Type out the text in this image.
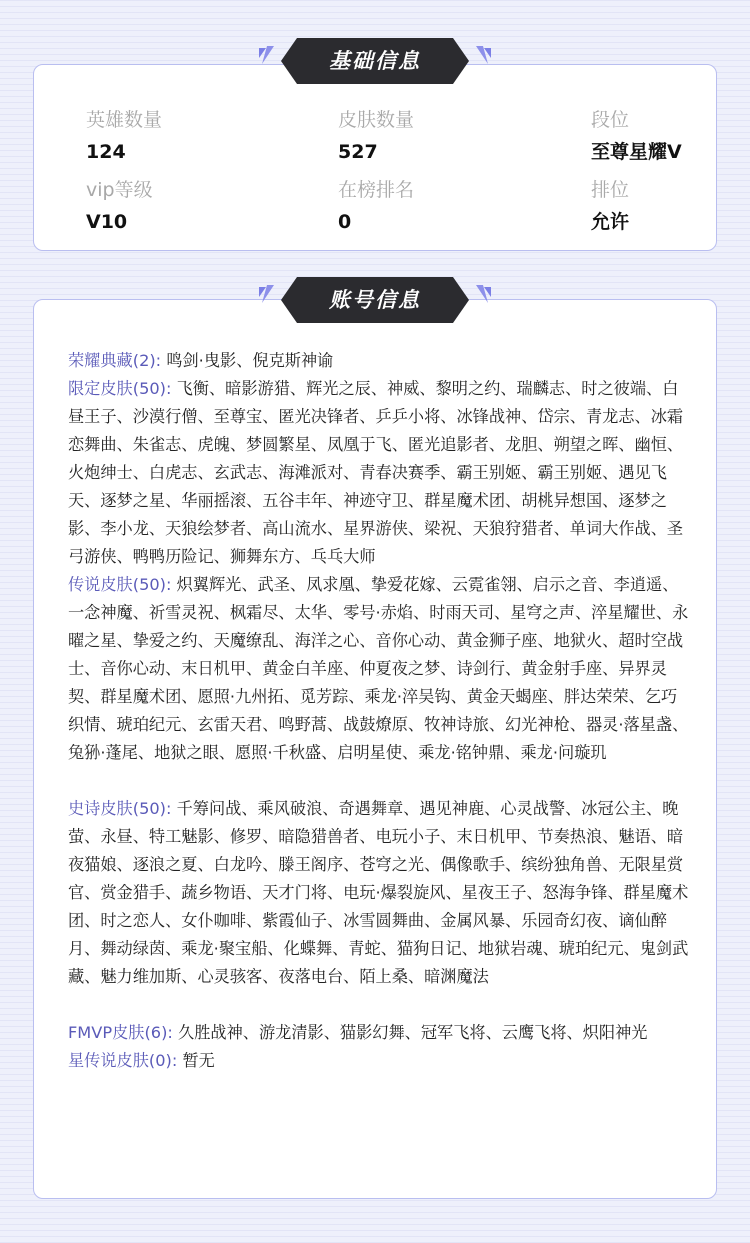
英雄数量
124
皮肤数量
527
段位
至尊星耀V
vip等级
V10
在榜排名
0
排位
允许
基础信息

荣耀典藏(2): 鸣剑·曳影、倪克斯神谕

限定皮肤(50): 飞衡、暗影游猎、辉光之辰、神威、黎明之约、瑞麟志、时之彼端、白昼王子、沙漠行僧、至尊宝、匿光决锋者、乒乒小将、冰锋战神、岱宗、青龙志、冰霜恋舞曲、朱雀志、虎魄、梦圆繁星、凤凰于飞、匿光追影者、龙胆、朔望之晖、幽恒、火炮绅士、白虎志、玄武志、海滩派对、青春决赛季、霸王别姬、霸王别姬、遇见飞天、逐梦之星、华丽摇滚、五谷丰年、神迹守卫、群星魔术团、胡桃异想国、逐梦之影、李小龙、天狼绘梦者、高山流水、星界游侠、梁祝、天狼狩猎者、单词大作战、圣弓游侠、鸭鸭历险记、狮舞东方、乓乓大师

传说皮肤(50): 炽翼辉光、武圣、凤求凰、挚爱花嫁、云霓雀翎、启示之音、李逍遥、一念神魔、祈雪灵祝、枫霜尽、太华、零号·赤焰、时雨天司、星穹之声、淬星耀世、永曜之星、挚爱之约、天魔缭乱、海洋之心、音你心动、黄金狮子座、地狱火、超时空战士、音你心动、末日机甲、黄金白羊座、仲夏夜之梦、诗剑行、黄金射手座、异界灵契、群星魔术团、愿照·九州拓、觅芳踪、乘龙·淬吴钩、黄金天蝎座、胖达荣荣、乞巧织情、琥珀纪元、玄雷天君、鸣野蒿、战鼓燎原、牧神诗旅、幻光神枪、器灵·落星盏、兔狲·蓬尾、地狱之眼、愿照·千秋盛、启明星使、乘龙·铭钟鼎、乘龙·问璇玑

史诗皮肤(50): 千筹问战、乘风破浪、奇遇舞章、遇见神鹿、心灵战警、冰冠公主、晚萤、永昼、特工魅影、修罗、暗隐猎兽者、电玩小子、末日机甲、节奏热浪、魅语、暗夜猫娘、逐浪之夏、白龙吟、滕王阁序、苍穹之光、偶像歌手、缤纷独角兽、无限星赏官、赏金猎手、蔬乡物语、天才门将、电玩·爆裂旋风、星夜王子、怒海争锋、群星魔术团、时之恋人、女仆咖啡、紫霞仙子、冰雪圆舞曲、金属风暴、乐园奇幻夜、谪仙醉月、舞动绿茵、乘龙·聚宝船、化蝶舞、青蛇、猫狗日记、地狱岩魂、琥珀纪元、鬼剑武藏、魅力维加斯、心灵骇客、夜落电台、陌上桑、暗渊魔法

FMVP皮肤(6): 久胜战神、游龙清影、猫影幻舞、冠军飞将、云鹰飞将、炽阳神光

星传说皮肤(0): 暂无

账号信息
